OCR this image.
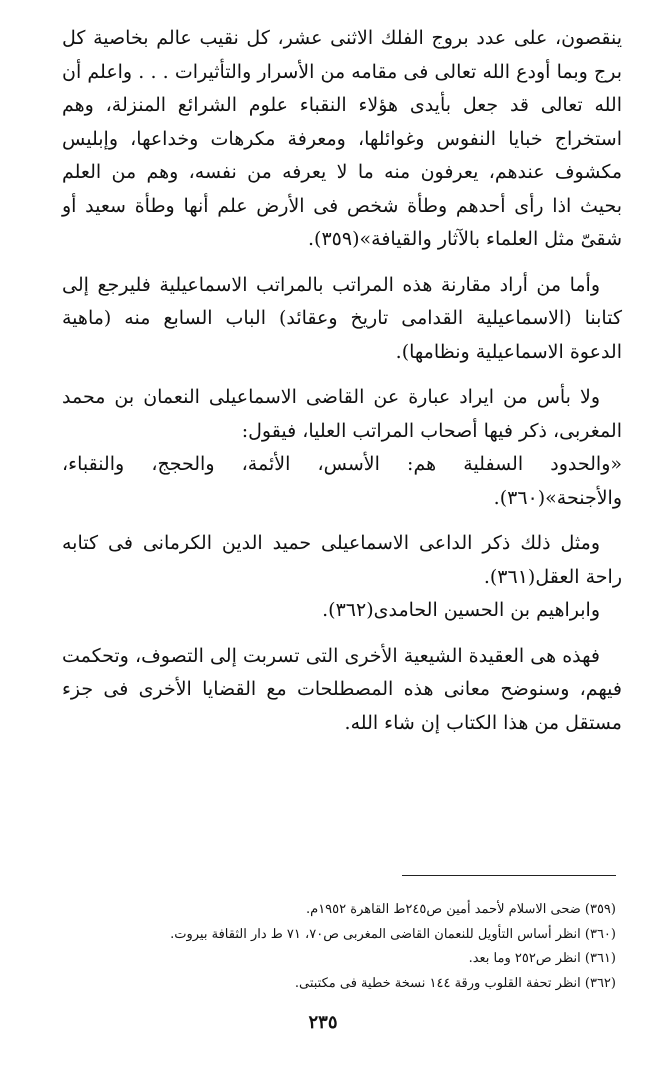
ينقصون، على عدد بروج الفلك الاثنى عشر، كل نقيب عالم بخاصية كل برج وبما أودع الله تعالى فى مقامه من الأسرار والتأثيرات . . . واعلم أن الله تعالى قد جعل بأيدى هؤلاء النقباء علوم الشرائع المنزلة، وهم استخراج خبايا النفوس وغوائلها، ومعرفة مكرهات وخداعها، وإبليس مكشوف عندهم، يعرفون منه ما لا يعرفه من نفسه، وهم من العلم بحيث اذا رأى أحدهم وطأة شخص فى الأرض علم أنها وطأة سعيد أو شقىّ مثل العلماء بالآثار والقيافة»(٣٥٩).

وأما من أراد مقارنة هذه المراتب بالمراتب الاسماعيلية فليرجع إلى كتابنا (الاسماعيلية القدامى تاريخ وعقائد) الباب السابع منه (ماهية الدعوة الاسماعيلية ونظامها).

ولا بأس من ايراد عبارة عن القاضى الاسماعيلى النعمان بن محمد المغربى، ذكر فيها أصحاب المراتب العليا، فيقول:

«والحدود السفلية هم: الأسس، الأئمة، والحجج، والنقباء، والأجنحة»(٣٦٠).

ومثل ذلك ذكر الداعى الاسماعيلى حميد الدين الكرمانى فى كتابه راحة العقل(٣٦١).

وابراهيم بن الحسين الحامدى(٣٦٢).

فهذه هى العقيدة الشيعية الأخرى التى تسربت إلى التصوف، وتحكمت فيهم، وسنوضح معانى هذه المصطلحات مع القضايا الأخرى فى جزء مستقل من هذا الكتاب إن شاء الله.

(٣٥٩) ضحى الاسلام لأحمد أمين ص٢٤٥ط القاهرة ١٩٥٢م.

(٣٦٠) انظر أساس التأويل للنعمان القاضى المغربى ص٧٠، ٧١ ط دار الثقافة بيروت.

(٣٦١) انظر ص٢٥٢ وما بعد.

(٣٦٢) انظر تحفة القلوب ورقة ١٤٤ نسخة خطية فى مكتبتى.

٢٣٥
